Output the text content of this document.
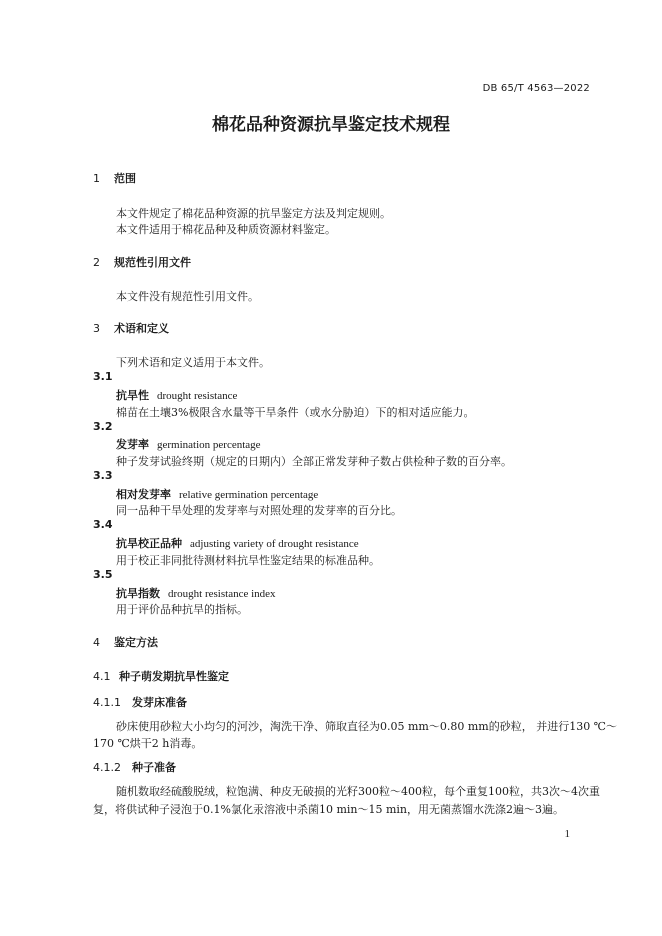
DB 65/T 4563—2022
棉花品种资源抗旱鉴定技术规程
1 范围
本文件规定了棉花品种资源的抗旱鉴定方法及判定规则。
本文件适用于棉花品种及种质资源材料鉴定。
2 规范性引用文件
本文件没有规范性引用文件。
3 术语和定义
下列术语和定义适用于本文件。
3.1
抗旱性 drought resistance
棉苗在土壤3%极限含水量等干旱条件（或水分胁迫）下的相对适应能力。
3.2
发芽率 germination percentage
种子发芽试验终期（规定的日期内）全部正常发芽种子数占供检种子数的百分率。
3.3
相对发芽率 relative germination percentage
同一品种干旱处理的发芽率与对照处理的发芽率的百分比。
3.4
抗旱校正品种 adjusting variety of drought resistance
用于校正非同批待测材料抗旱性鉴定结果的标准品种。
3.5
抗旱指数 drought resistance index
用于评价品种抗旱的指标。
4 鉴定方法
4.1 种子萌发期抗旱性鉴定
4.1.1 发芽床准备
砂床使用砂粒大小均匀的河沙，淘洗干净、筛取直径为0.05 mm～0.80 mm的砂粒， 并进行130 ℃～
170 ℃烘干2 h消毒。
4.1.2 种子准备
随机数取经硫酸脱绒，粒饱满、种皮无破损的光籽300粒～400粒，每个重复100粒，共3次～4次重
复，将供试种子浸泡于0.1%氯化汞溶液中杀菌10 min～15 min，用无菌蒸馏水洗涤2遍～3遍。
1
